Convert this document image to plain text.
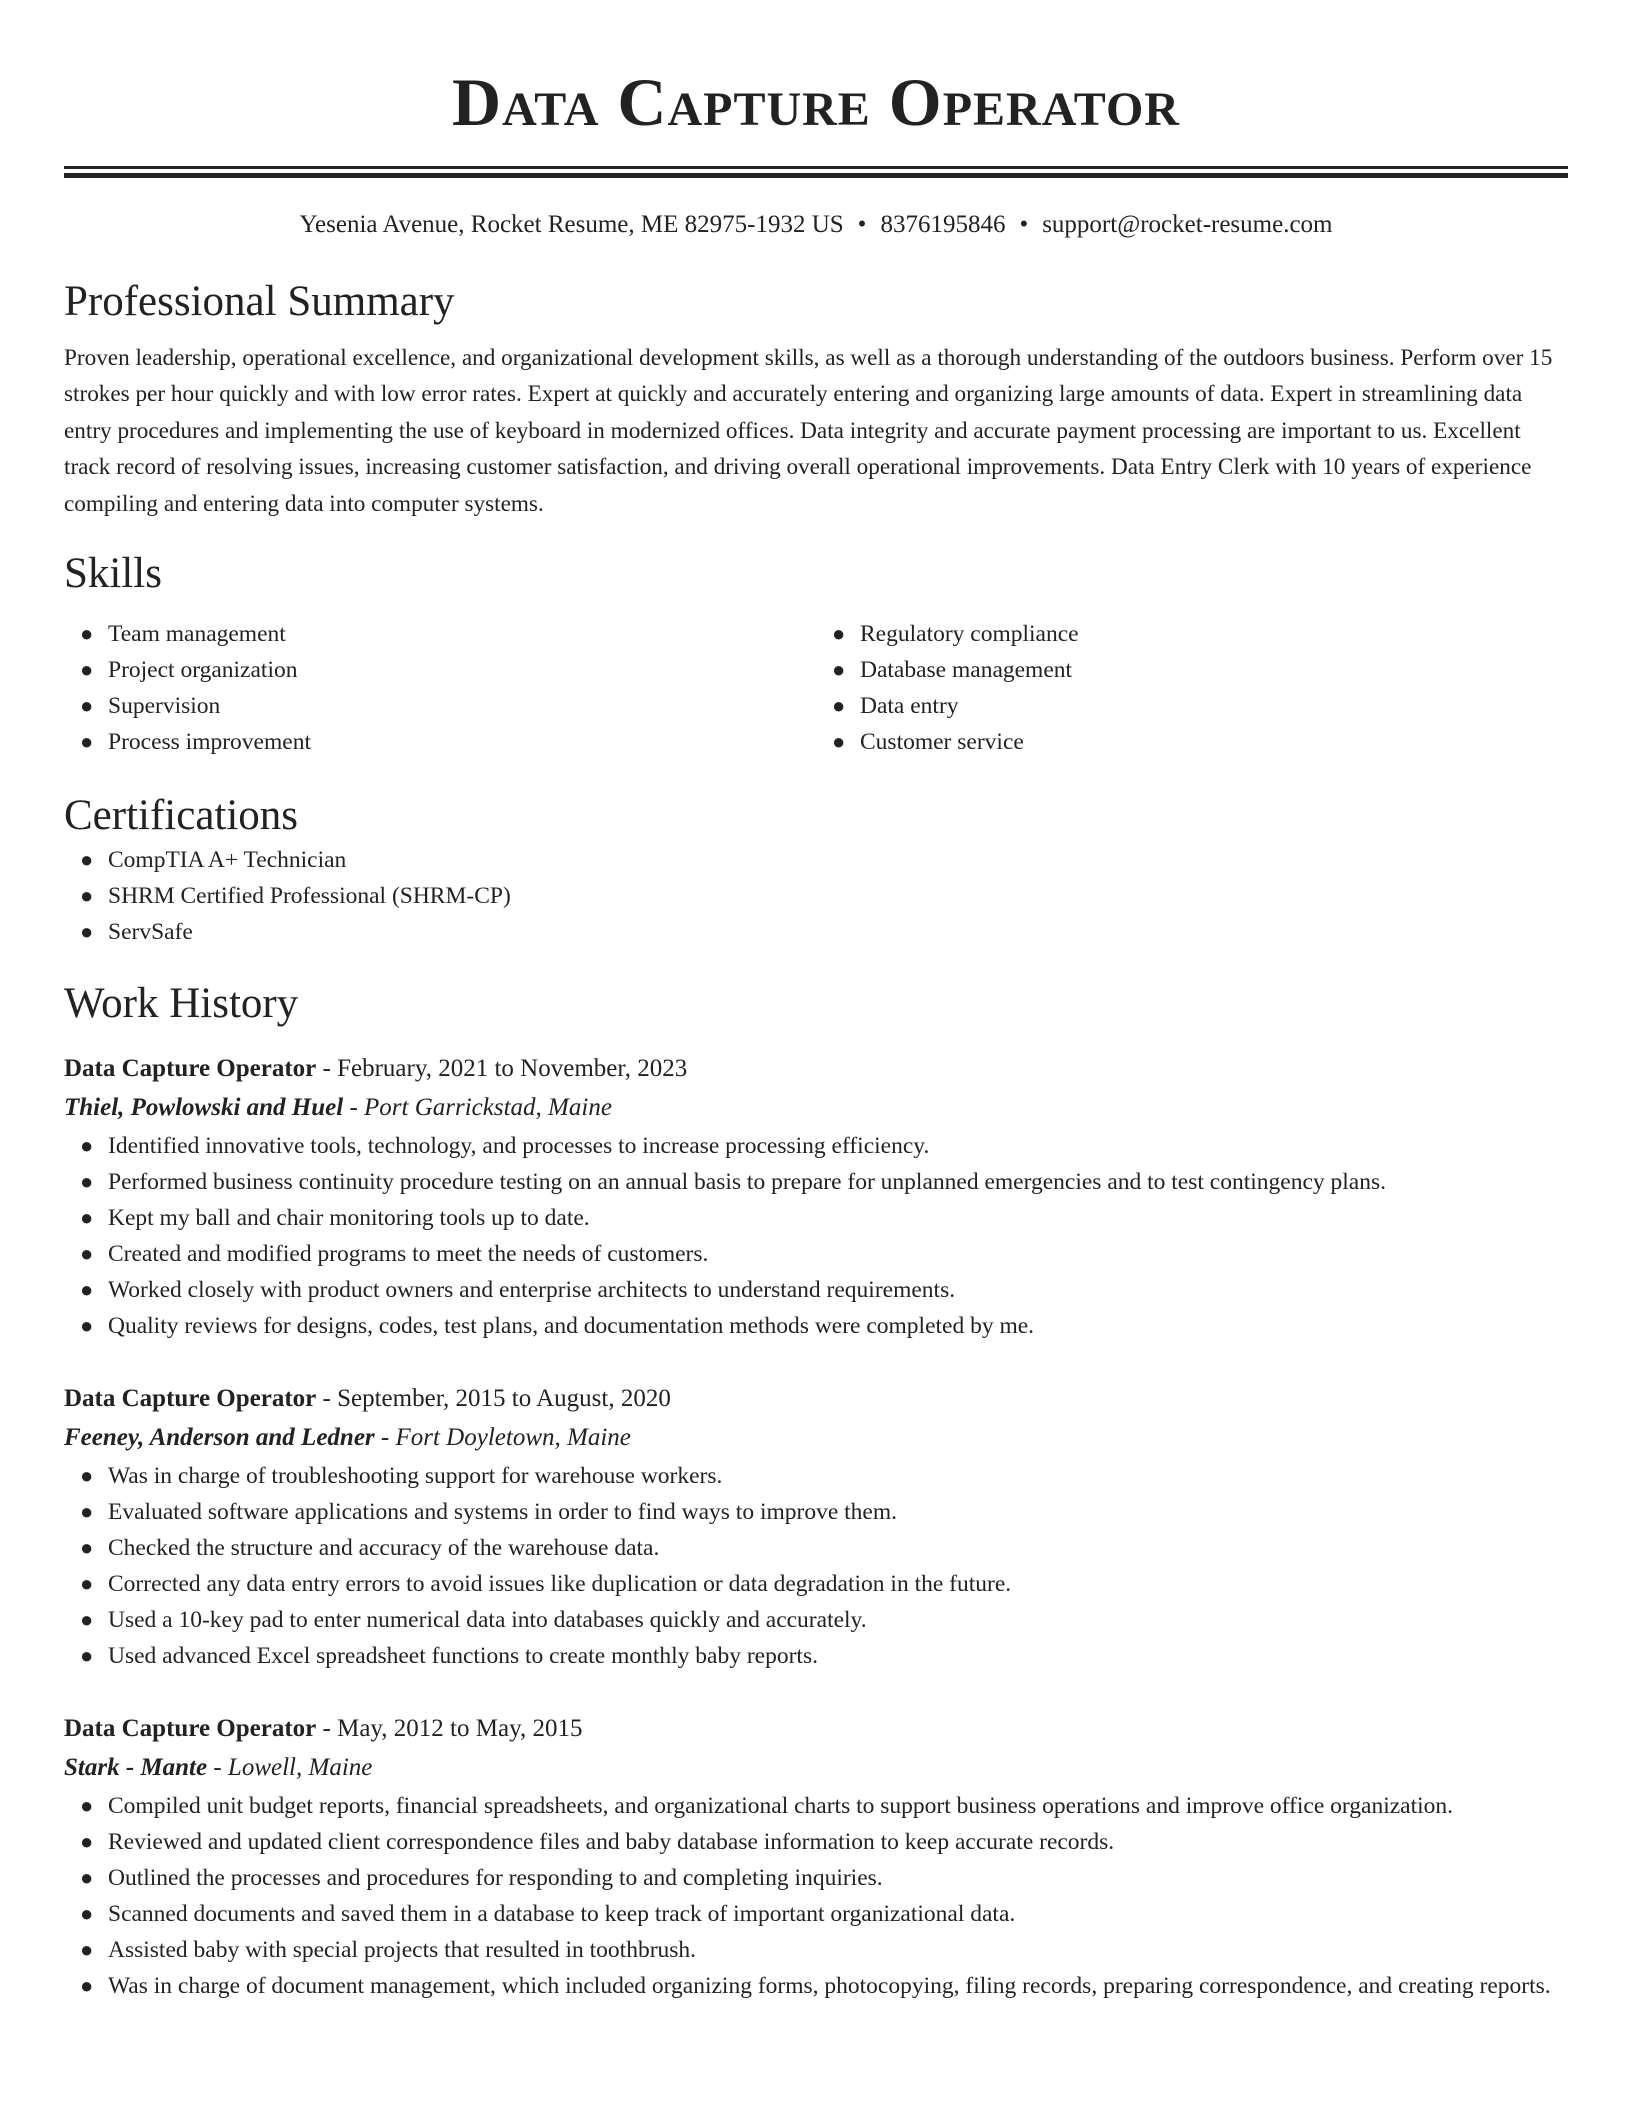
Data Capture Operator
Yesenia Avenue, Rocket Resume, ME 82975-1932 US • 8376195846 • support@rocket-resume.com
Professional Summary

Proven leadership, operational excellence, and organizational development skills, as well as a thorough understanding of the outdoors business. Perform over 15 strokes per hour quickly and with low error rates. Expert at quickly and accurately entering and organizing large amounts of data. Expert in streamlining data entry procedures and implementing the use of keyboard in modernized offices. Data integrity and accurate payment processing are important to us. Excellent track record of resolving issues, increasing customer satisfaction, and driving overall operational improvements. Data Entry Clerk with 10 years of experience compiling and entering data into computer systems.

Skills
● Team management
● Project organization
● Supervision
● Process improvement
● Regulatory compliance
● Database management
● Data entry
● Customer service
Certifications
● CompTIA A+ Technician
● SHRM Certified Professional (SHRM-CP)
● ServSafe
Work History
Data Capture Operator - February, 2021 to November, 2023
Thiel, Powlowski and Huel - Port Garrickstad, Maine
● Identified innovative tools, technology, and processes to increase processing efficiency.
● Performed business continuity procedure testing on an annual basis to prepare for unplanned emergencies and to test contingency plans.
● Kept my ball and chair monitoring tools up to date.
● Created and modified programs to meet the needs of customers.
● Worked closely with product owners and enterprise architects to understand requirements.
● Quality reviews for designs, codes, test plans, and documentation methods were completed by me.
Data Capture Operator - September, 2015 to August, 2020
Feeney, Anderson and Ledner - Fort Doyletown, Maine
● Was in charge of troubleshooting support for warehouse workers.
● Evaluated software applications and systems in order to find ways to improve them.
● Checked the structure and accuracy of the warehouse data.
● Corrected any data entry errors to avoid issues like duplication or data degradation in the future.
● Used a 10-key pad to enter numerical data into databases quickly and accurately.
● Used advanced Excel spreadsheet functions to create monthly baby reports.
Data Capture Operator - May, 2012 to May, 2015
Stark - Mante - Lowell, Maine
● Compiled unit budget reports, financial spreadsheets, and organizational charts to support business operations and improve office organization.
● Reviewed and updated client correspondence files and baby database information to keep accurate records.
● Outlined the processes and procedures for responding to and completing inquiries.
● Scanned documents and saved them in a database to keep track of important organizational data.
● Assisted baby with special projects that resulted in toothbrush.
● Was in charge of document management, which included organizing forms, photocopying, filing records, preparing correspondence, and creating reports.
